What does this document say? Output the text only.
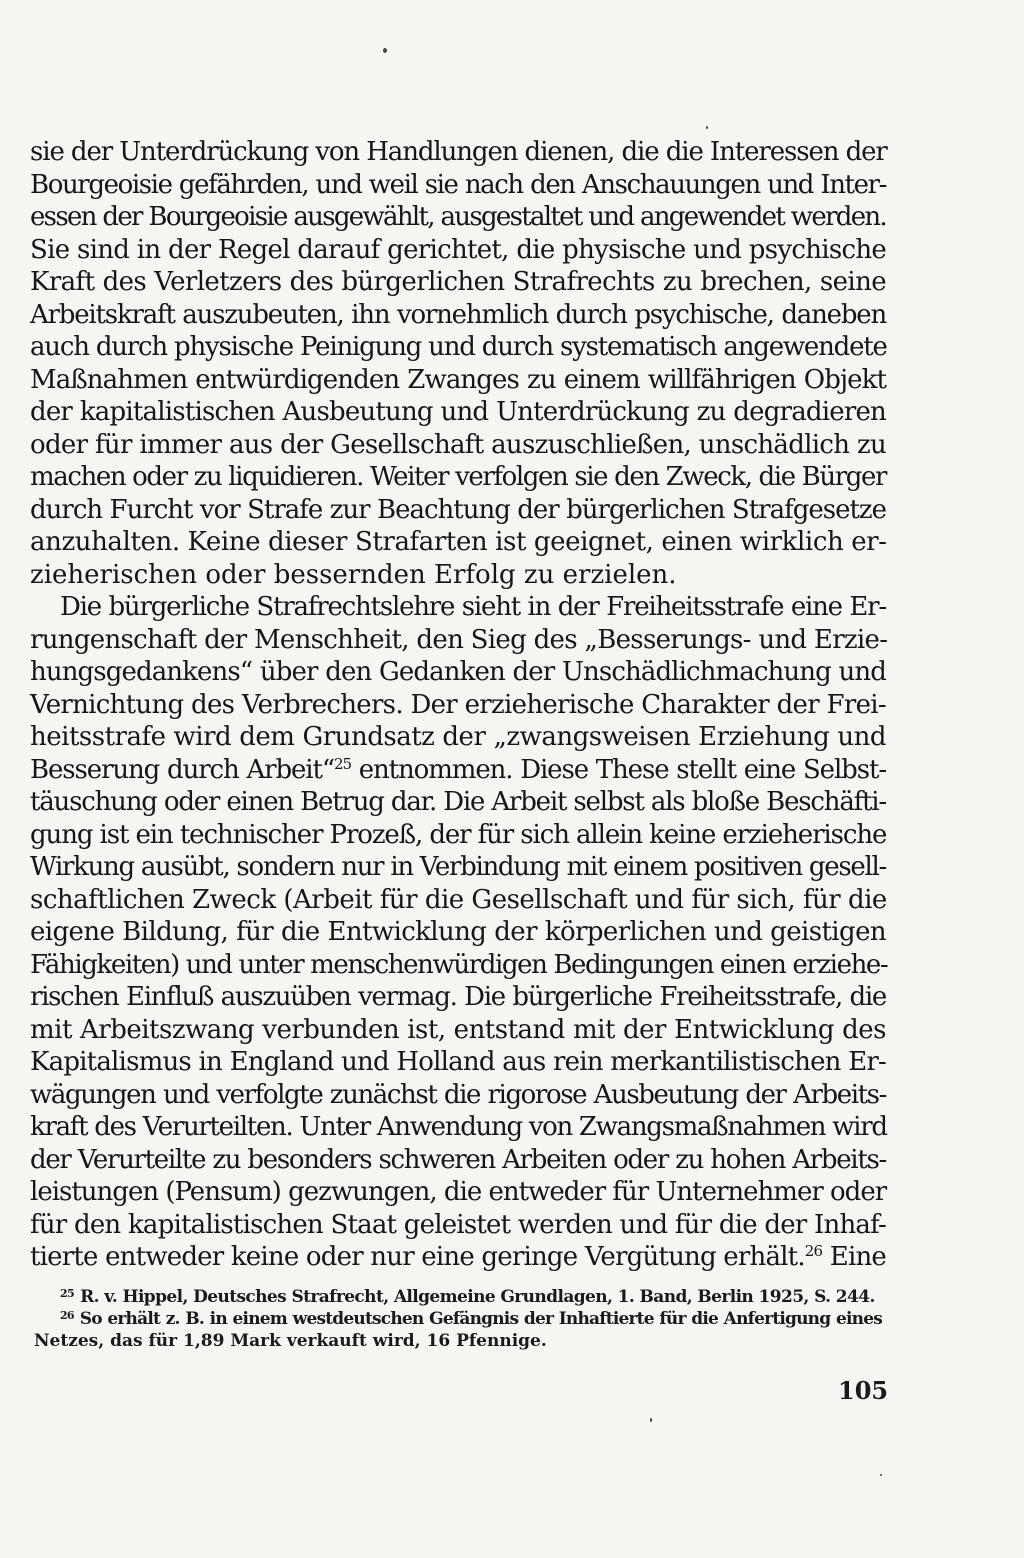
sie der Unterdrückung von Handlungen dienen, die die Interessen der
Bourgeoisie gefährden, und weil sie nach den Anschauungen und Inter-
essen der Bourgeoisie ausgewählt, ausgestaltet und angewendet werden.
Sie sind in der Regel darauf gerichtet, die physische und psychische
Kraft des Verletzers des bürgerlichen Strafrechts zu brechen, seine
Arbeitskraft auszubeuten, ihn vornehmlich durch psychische, daneben
auch durch physische Peinigung und durch systematisch angewendete
Maßnahmen entwürdigenden Zwanges zu einem willfährigen Objekt
der kapitalistischen Ausbeutung und Unterdrückung zu degradieren
oder für immer aus der Gesellschaft auszuschließen, unschädlich zu
machen oder zu liquidieren. Weiter verfolgen sie den Zweck, die Bürger
durch Furcht vor Strafe zur Beachtung der bürgerlichen Strafgesetze
anzuhalten. Keine dieser Strafarten ist geeignet, einen wirklich er-
zieherischen oder bessernden Erfolg zu erzielen.
Die bürgerliche Strafrechtslehre sieht in der Freiheitsstrafe eine Er-
rungenschaft der Menschheit, den Sieg des „Besserungs- und Erzie-
hungsgedankens“ über den Gedanken der Unschädlichmachung und
Vernichtung des Verbrechers. Der erzieherische Charakter der Frei-
heitsstrafe wird dem Grundsatz der „zwangsweisen Erziehung und
Besserung durch Arbeit“$^{25}$ entnommen. Diese These stellt eine Selbst-
täuschung oder einen Betrug dar. Die Arbeit selbst als bloße Beschäfti-
gung ist ein technischer Prozeß, der für sich allein keine erzieherische
Wirkung ausübt, sondern nur in Verbindung mit einem positiven gesell-
schaftlichen Zweck (Arbeit für die Gesellschaft und für sich, für die
eigene Bildung, für die Entwicklung der körperlichen und geistigen
Fähigkeiten) und unter menschenwürdigen Bedingungen einen erziehe-
rischen Einfluß auszuüben vermag. Die bürgerliche Freiheitsstrafe, die
mit Arbeitszwang verbunden ist, entstand mit der Entwicklung des
Kapitalismus in England und Holland aus rein merkantilistischen Er-
wägungen und verfolgte zunächst die rigorose Ausbeutung der Arbeits-
kraft des Verurteilten. Unter Anwendung von Zwangsmaßnahmen wird
der Verurteilte zu besonders schweren Arbeiten oder zu hohen Arbeits-
leistungen (Pensum) gezwungen, die entweder für Unternehmer oder
für den kapitalistischen Staat geleistet werden und für die der Inhaf-
tierte entweder keine oder nur eine geringe Vergütung erhält.$^{26}$ Eine
$^{25}$ R. v. Hippel, Deutsches Strafrecht, Allgemeine Grundlagen, 1. Band, Berlin 1925, S. 244.
$^{26}$ So erhält z. B. in einem westdeutschen Gefängnis der Inhaftierte für die Anfertigung eines
Netzes, das für 1,89 Mark verkauft wird, 16 Pfennige.
105
